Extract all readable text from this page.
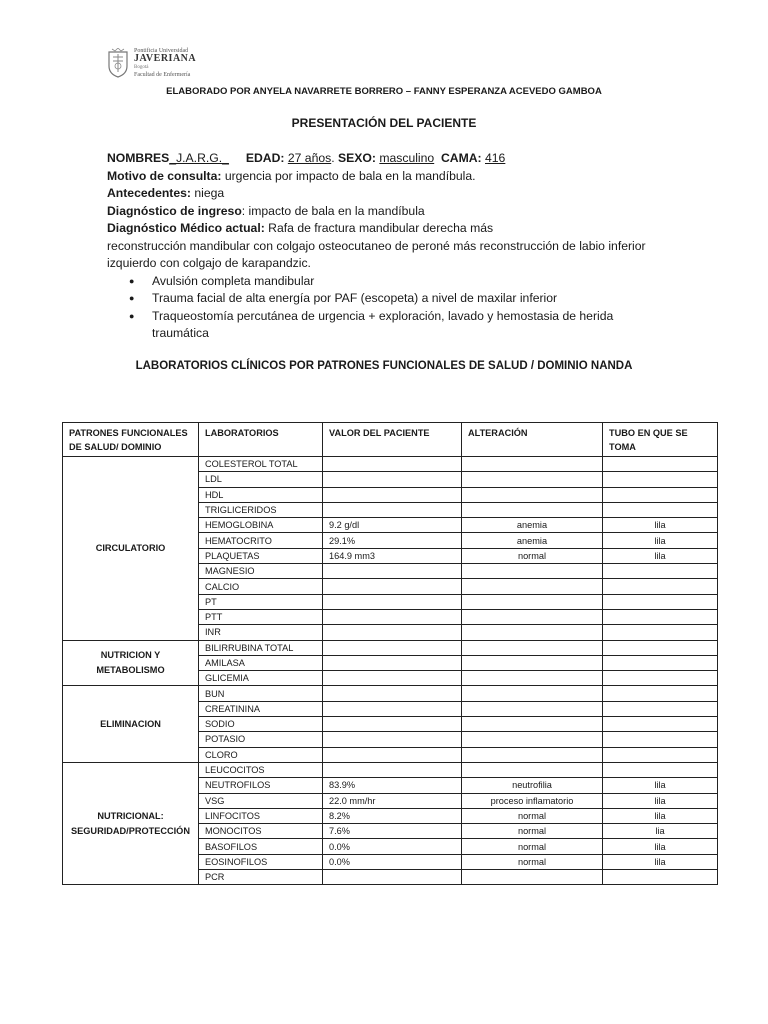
Pontificia Universidad
JAVERIANA
Bogotá
Facultad de Enfermería
ELABORADO POR ANYELA NAVARRETE BORRERO – FANNY ESPERANZA ACEVEDO GAMBOA
PRESENTACIÓN DEL PACIENTE

NOMBRES_J.A.R.G._ EDAD: 27 años. SEXO: masculino CAMA: 416

Motivo de consulta: urgencia por impacto de bala en la mandíbula.

Antecedentes: niega

Diagnóstico de ingreso: impacto de bala en la mandíbula

Diagnóstico Médico actual: Rafa de fractura mandibular derecha más

reconstrucción mandibular con colgajo osteocutaneo de peroné más reconstrucción de labio inferior izquierdo con colgajo de karapandzic.

● Avulsión completa mandibular
● Trauma facial de alta energía por PAF (escopeta) a nivel de maxilar inferior
● Traqueostomía percutánea de urgencia + exploración, lavado y hemostasia de herida traumática
LABORATORIOS CLÍNICOS POR PATRONES FUNCIONALES DE SALUD / DOMINIO NANDA
PATRONES FUNCIONALES DE SALUD/ DOMINIO	LABORATORIOS	VALOR DEL PACIENTE	ALTERACIÓN	TUBO EN QUE SE TOMA
CIRCULATORIO	COLESTEROL TOTAL			
	LDL			
	HDL			
	TRIGLICERIDOS			
	HEMOGLOBINA	9.2 g/dl	anemia	lila
	HEMATOCRITO	29.1%	anemia	lila
	PLAQUETAS	164.9 mm3	normal	lila
	MAGNESIO			
	CALCIO			
	PT			
	PTT			
	INR			
NUTRICION Y METABOLISMO	BILIRRUBINA TOTAL			
	AMILASA			
	GLICEMIA			
ELIMINACION	BUN			
	CREATININA			
	SODIO			
	POTASIO			
	CLORO			
NUTRICIONAL: SEGURIDAD/PROTECCIÓN	LEUCOCITOS			
	NEUTROFILOS	83.9%	neutrofilia	lila
	VSG	22.0 mm/hr	proceso inflamatorio	lila
	LINFOCITOS	8.2%	normal	lila
	MONOCITOS	7.6%	normal	lia
	BASOFILOS	0.0%	normal	lila
	EOSINOFILOS	0.0%	normal	lila
	PCR			
